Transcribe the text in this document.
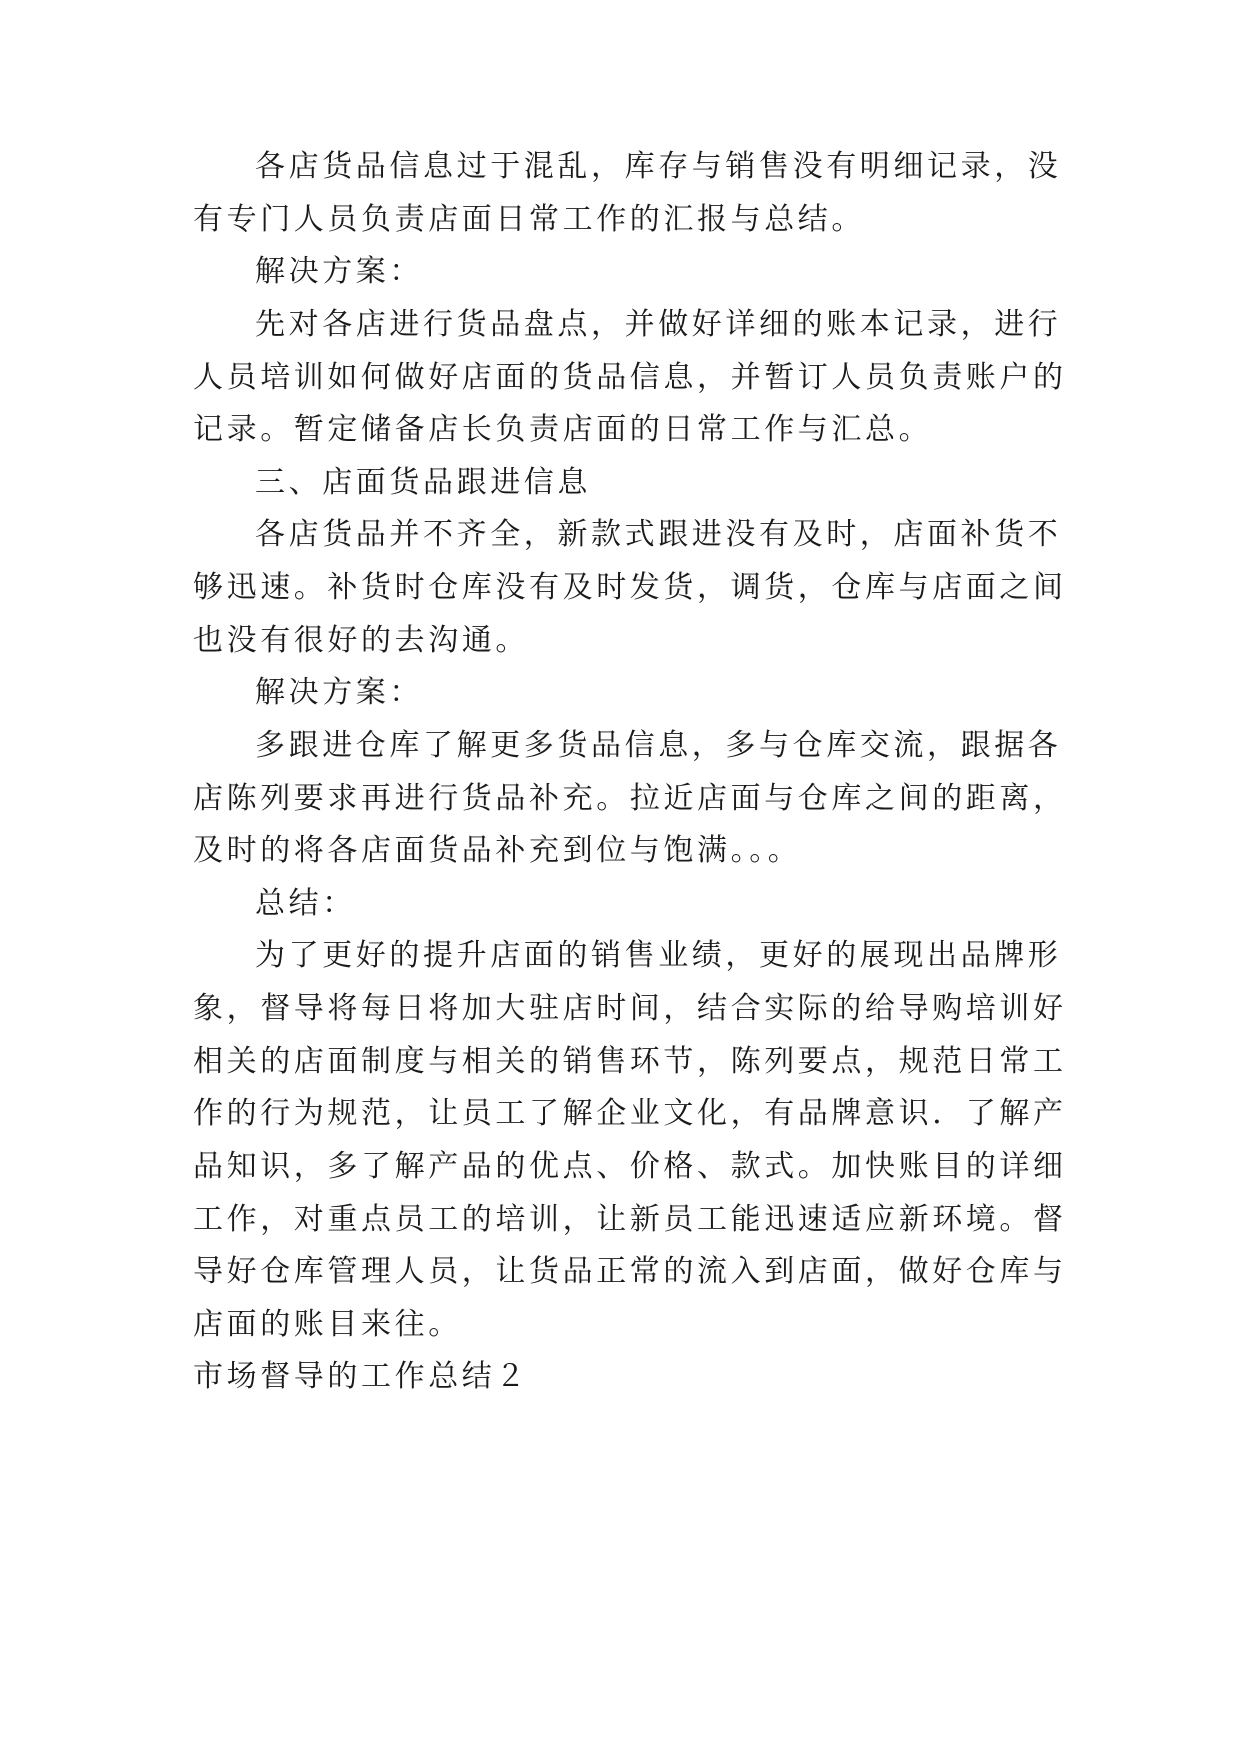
各店货品信息过于混乱，库存与销售没有明细记录，没
有专门人员负责店面日常工作的汇报与总结。
解决方案：
先对各店进行货品盘点，并做好详细的账本记录，进行
人员培训如何做好店面的货品信息，并暂订人员负责账户的
记录。暂定储备店长负责店面的日常工作与汇总。
三、店面货品跟进信息
各店货品并不齐全，新款式跟进没有及时，店面补货不
够迅速。补货时仓库没有及时发货，调货，仓库与店面之间
也没有很好的去沟通。
解决方案：
多跟进仓库了解更多货品信息，多与仓库交流，跟据各
店陈列要求再进行货品补充。拉近店面与仓库之间的距离，
及时的将各店面货品补充到位与饱满。。。
总结：
为了更好的提升店面的销售业绩，更好的展现出品牌形
象，督导将每日将加大驻店时间，结合实际的给导购培训好
相关的店面制度与相关的销售环节，陈列要点，规范日常工
作的行为规范，让员工了解企业文化，有品牌意识．了解产
品知识，多了解产品的优点、价格、款式。加快账目的详细
工作，对重点员工的培训，让新员工能迅速适应新环境。督
导好仓库管理人员，让货品正常的流入到店面，做好仓库与
店面的账目来往。
市场督导的工作总结２
